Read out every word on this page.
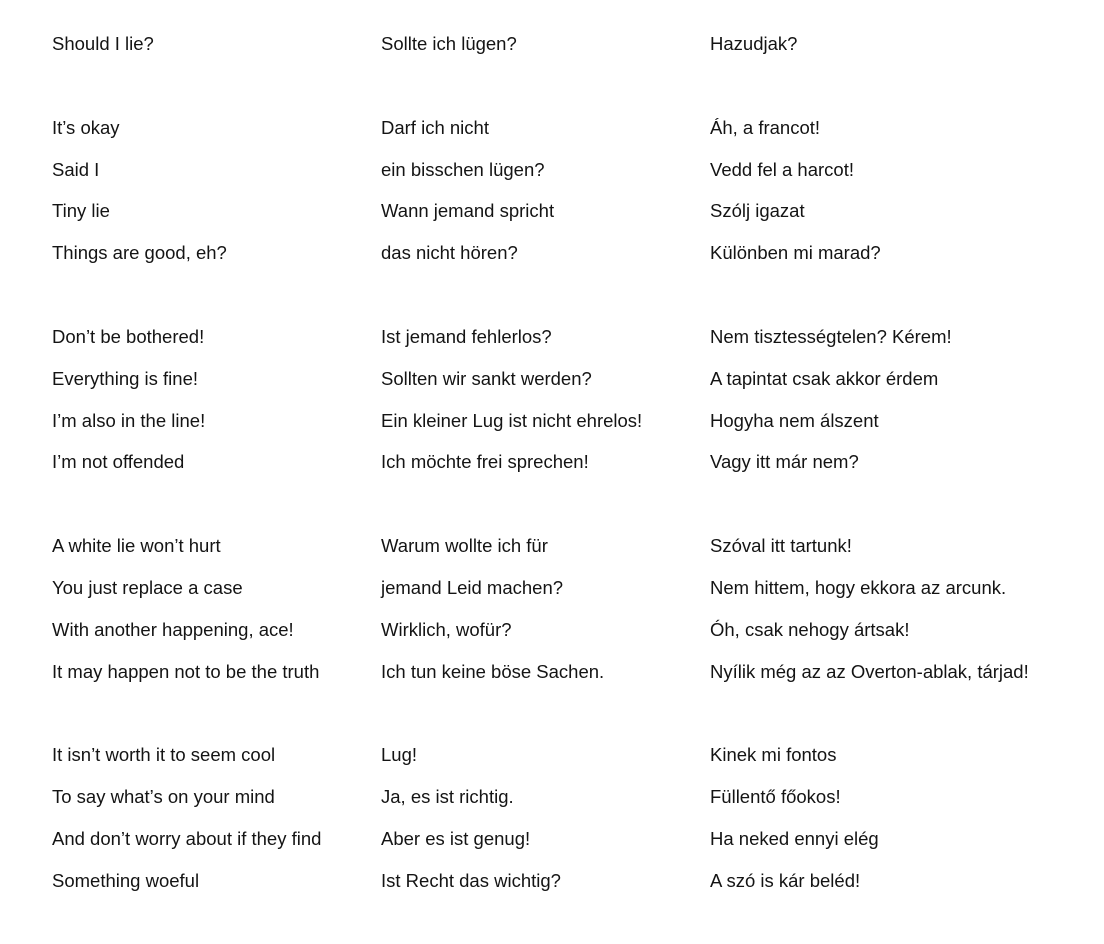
Should I lie?
It’s okay
Said I
Tiny lie
Things are good, eh?
Don’t be bothered!
Everything is fine!
I’m also in the line!
I’m not offended
A white lie won’t hurt
You just replace a case
With another happening, ace!
It may happen not to be the truth
It isn’t worth it to seem cool
To say what’s on your mind
And don’t worry about if they find
Something woeful
Sollte ich lügen?
Darf ich nicht
ein bisschen lügen?
Wann jemand spricht
das nicht hören?
Ist jemand fehlerlos?
Sollten wir sankt werden?
Ein kleiner Lug ist nicht ehrelos!
Ich möchte frei sprechen!
Warum wollte ich für
jemand Leid machen?
Wirklich, wofür?
Ich tun keine böse Sachen.
Lug!
Ja, es ist richtig.
Aber es ist genug!
Ist Recht das wichtig?
Hazudjak?
Áh, a francot!
Vedd fel a harcot!
Szólj igazat
Különben mi marad?
Nem tisztességtelen? Kérem!
A tapintat csak akkor érdem
Hogyha nem álszent
Vagy itt már nem?
Szóval itt tartunk!
Nem hittem, hogy ekkora az arcunk.
Óh, csak nehogy ártsak!
Nyílik még az az Overton-ablak, tárjad!
Kinek mi fontos
Füllentő főokos!
Ha neked ennyi elég
A szó is kár beléd!
